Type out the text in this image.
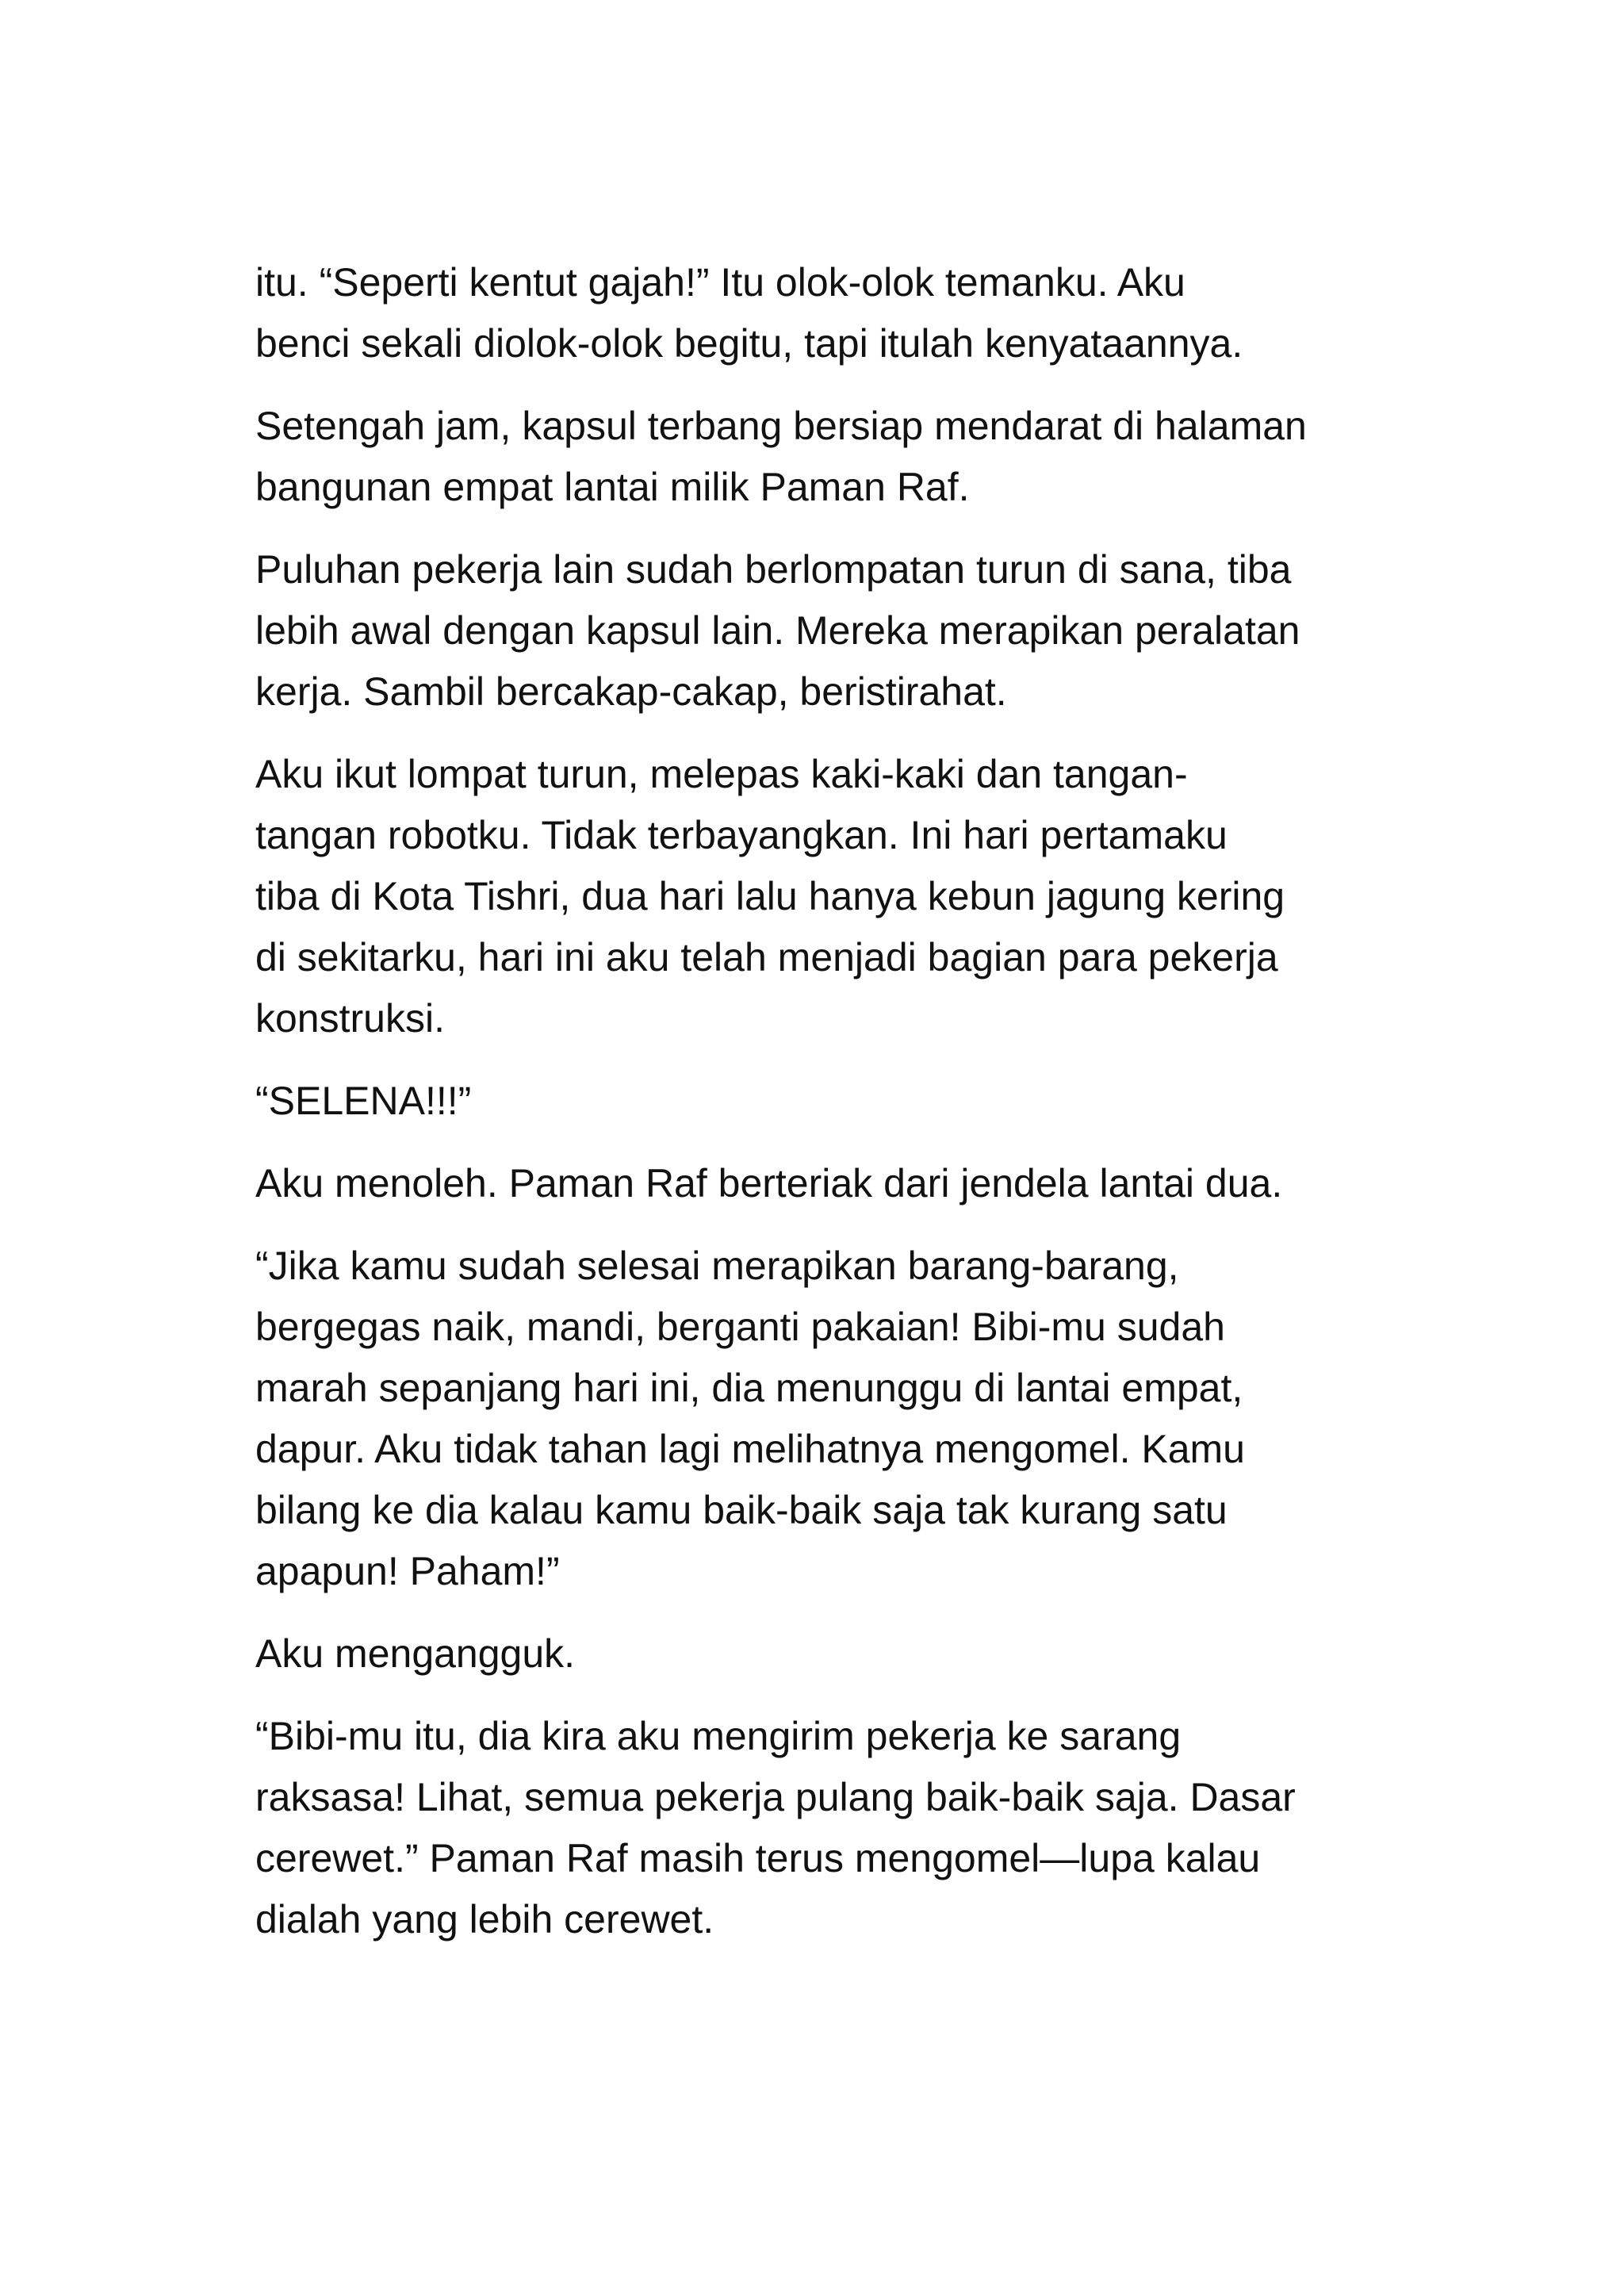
itu. “Seperti kentut gajah!” Itu olok-olok temanku. Aku
benci sekali diolok-olok begitu, tapi itulah kenyataannya.

Setengah jam, kapsul terbang bersiap mendarat di halaman
bangunan empat lantai milik Paman Raf.

Puluhan pekerja lain sudah berlompatan turun di sana, tiba
lebih awal dengan kapsul lain. Mereka merapikan peralatan
kerja. Sambil bercakap-cakap, beristirahat.

Aku ikut lompat turun, melepas kaki-kaki dan tangan-
tangan robotku. Tidak terbayangkan. Ini hari pertamaku
tiba di Kota Tishri, dua hari lalu hanya kebun jagung kering
di sekitarku, hari ini aku telah menjadi bagian para pekerja
konstruksi.

“SELENA!!!”

Aku menoleh. Paman Raf berteriak dari jendela lantai dua.

“Jika kamu sudah selesai merapikan barang-barang,
bergegas naik, mandi, berganti pakaian! Bibi-mu sudah
marah sepanjang hari ini, dia menunggu di lantai empat,
dapur. Aku tidak tahan lagi melihatnya mengomel. Kamu
bilang ke dia kalau kamu baik-baik saja tak kurang satu
apapun! Paham!”

Aku mengangguk.

“Bibi-mu itu, dia kira aku mengirim pekerja ke sarang
raksasa! Lihat, semua pekerja pulang baik-baik saja. Dasar
cerewet.” Paman Raf masih terus mengomel—lupa kalau
dialah yang lebih cerewet.
